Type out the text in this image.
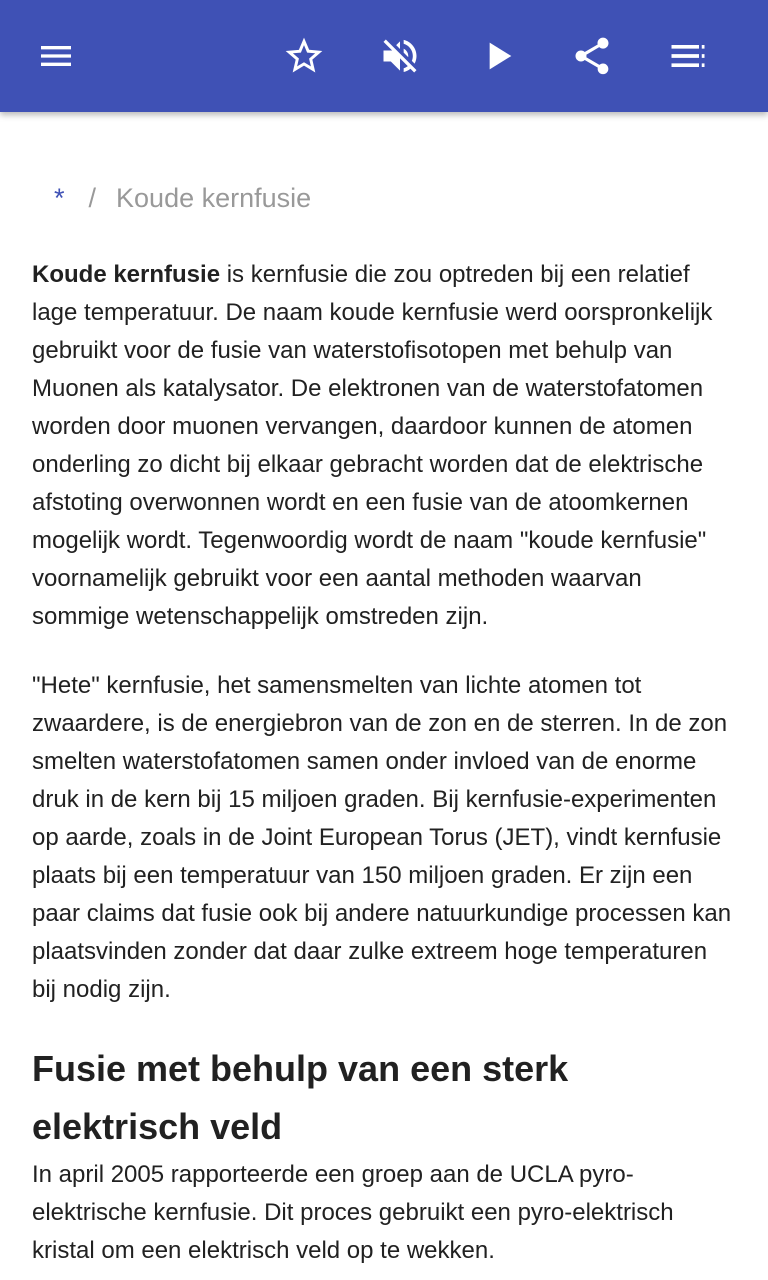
* / Koude kernfusie

Koude kernfusie is kernfusie die zou optreden bij een relatief lage temperatuur. De naam koude kernfusie werd oorspronkelijk gebruikt voor de fusie van waterstofisotopen met behulp van Muonen als katalysator. De elektronen van de waterstofatomen worden door muonen vervangen, daardoor kunnen de atomen onderling zo dicht bij elkaar gebracht worden dat de elektrische afstoting overwonnen wordt en een fusie van de atoomkernen mogelijk wordt. Tegenwoordig wordt de naam "koude kernfusie" voornamelijk gebruikt voor een aantal methoden waarvan sommige wetenschappelijk omstreden zijn.

"Hete" kernfusie, het samensmelten van lichte atomen tot zwaardere, is de energiebron van de zon en de sterren. In de zon smelten waterstofatomen samen onder invloed van de enorme druk in de kern bij 15 miljoen graden. Bij kernfusie-experimenten op aarde, zoals in de Joint European Torus (JET), vindt kernfusie plaats bij een temperatuur van 150 miljoen graden. Er zijn een paar claims dat fusie ook bij andere natuurkundige processen kan plaatsvinden zonder dat daar zulke extreem hoge temperaturen bij nodig zijn.

Fusie met behulp van een sterk elektrisch veld

In april 2005 rapporteerde een groep aan de UCLA pyro-elektrische kernfusie. Dit proces gebruikt een pyro-elektrisch kristal om een elektrisch veld op te wekken.
